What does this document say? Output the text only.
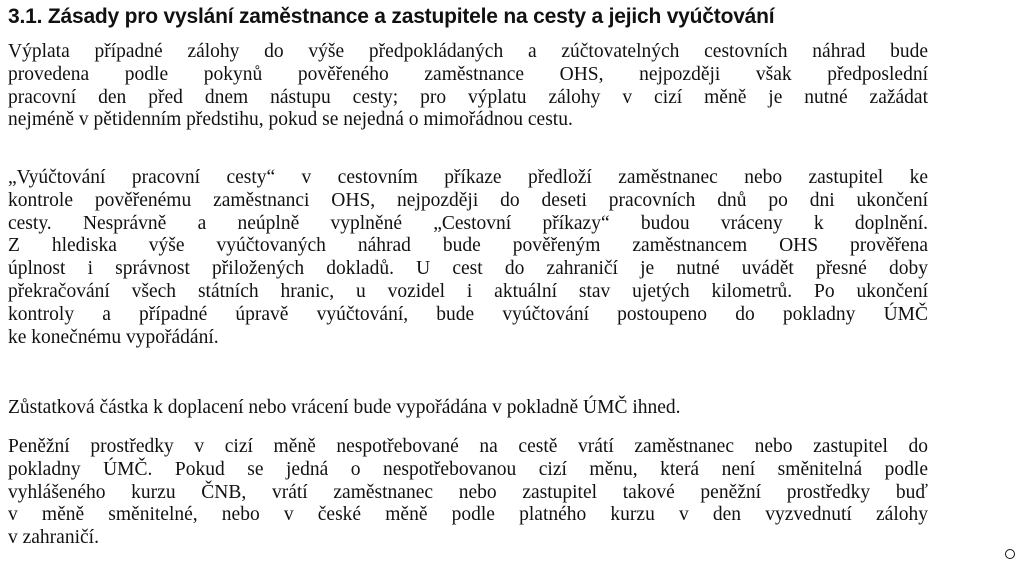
3.1. Zásady pro vyslání zaměstnance a zastupitele na cesty a jejich vyúčtování

Výplata případné zálohy do výše předpokládaných a zúčtovatelných cestovních náhrad bude
provedena podle pokynů pověřeného zaměstnance OHS, nejpozději však předposlední
pracovní den před dnem nástupu cesty; pro výplatu zálohy v cizí měně je nutné zažádat
nejméně v pětidenním předstihu, pokud se nejedná o mimořádnou cestu.

„Vyúčtování pracovní cesty“ v cestovním příkaze předloží zaměstnanec nebo zastupitel ke
kontrole pověřenému zaměstnanci OHS, nejpozději do deseti pracovních dnů po dni ukončení
cesty. Nesprávně a neúplně vyplněné „Cestovní příkazy“ budou vráceny k doplnění.
Z hlediska výše vyúčtovaných náhrad bude pověřeným zaměstnancem OHS prověřena
úplnost i správnost přiložených dokladů. U cest do zahraničí je nutné uvádět přesné doby
překračování všech státních hranic, u vozidel i aktuální stav ujetých kilometrů. Po ukončení
kontroly a případné úpravě vyúčtování, bude vyúčtování postoupeno do pokladny ÚMČ
ke konečnému vypořádání.

Zůstatková částka k doplacení nebo vrácení bude vypořádána v pokladně ÚMČ ihned.

Peněžní prostředky v cizí měně nespotřebované na cestě vrátí zaměstnanec nebo zastupitel do
pokladny ÚMČ. Pokud se jedná o nespotřebovanou cizí měnu, která není směnitelná podle
vyhlášeného kurzu ČNB, vrátí zaměstnanec nebo zastupitel takové peněžní prostředky buď
v měně směnitelné, nebo v české měně podle platného kurzu v den vyzvednutí zálohy
v zahraničí.
